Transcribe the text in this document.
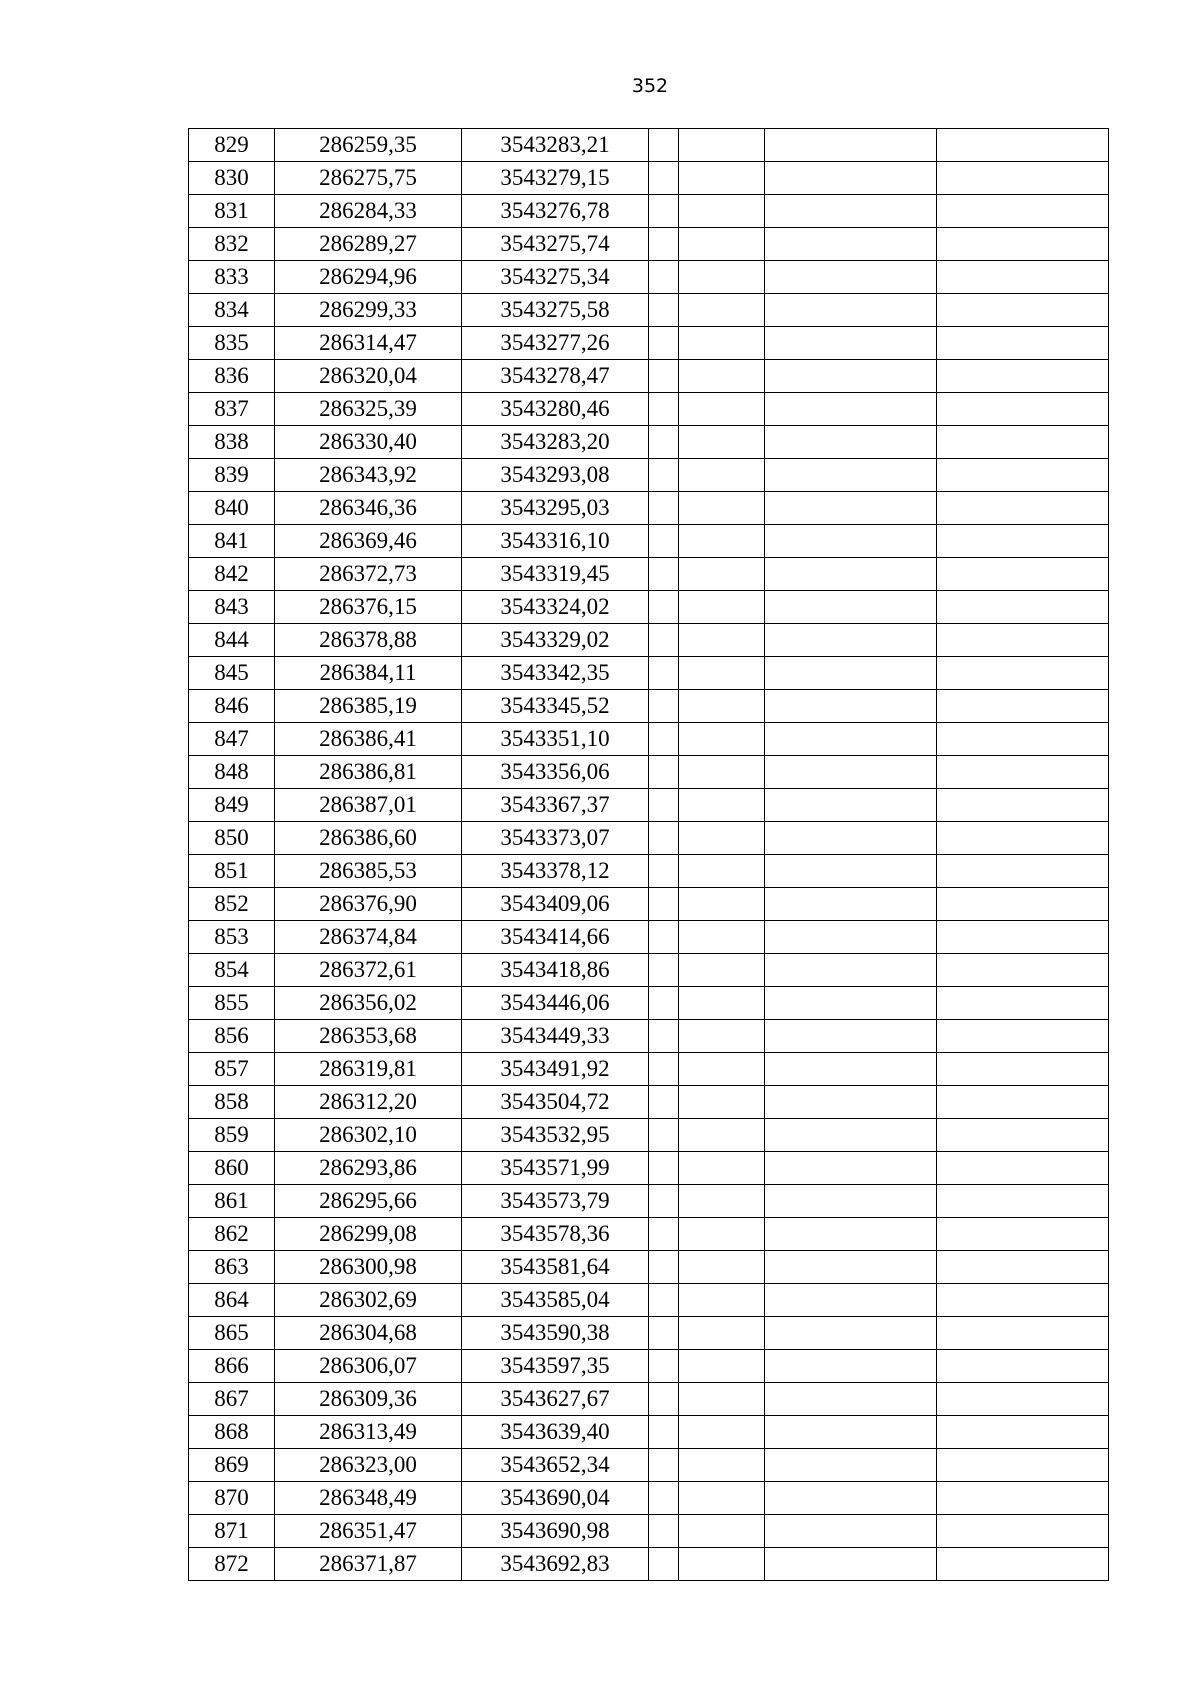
352
829	286259,35	3543283,21				
830	286275,75	3543279,15				
831	286284,33	3543276,78				
832	286289,27	3543275,74				
833	286294,96	3543275,34				
834	286299,33	3543275,58				
835	286314,47	3543277,26				
836	286320,04	3543278,47				
837	286325,39	3543280,46				
838	286330,40	3543283,20				
839	286343,92	3543293,08				
840	286346,36	3543295,03				
841	286369,46	3543316,10				
842	286372,73	3543319,45				
843	286376,15	3543324,02				
844	286378,88	3543329,02				
845	286384,11	3543342,35				
846	286385,19	3543345,52				
847	286386,41	3543351,10				
848	286386,81	3543356,06				
849	286387,01	3543367,37				
850	286386,60	3543373,07				
851	286385,53	3543378,12				
852	286376,90	3543409,06				
853	286374,84	3543414,66				
854	286372,61	3543418,86				
855	286356,02	3543446,06				
856	286353,68	3543449,33				
857	286319,81	3543491,92				
858	286312,20	3543504,72				
859	286302,10	3543532,95				
860	286293,86	3543571,99				
861	286295,66	3543573,79				
862	286299,08	3543578,36				
863	286300,98	3543581,64				
864	286302,69	3543585,04				
865	286304,68	3543590,38				
866	286306,07	3543597,35				
867	286309,36	3543627,67				
868	286313,49	3543639,40				
869	286323,00	3543652,34				
870	286348,49	3543690,04				
871	286351,47	3543690,98				
872	286371,87	3543692,83				
